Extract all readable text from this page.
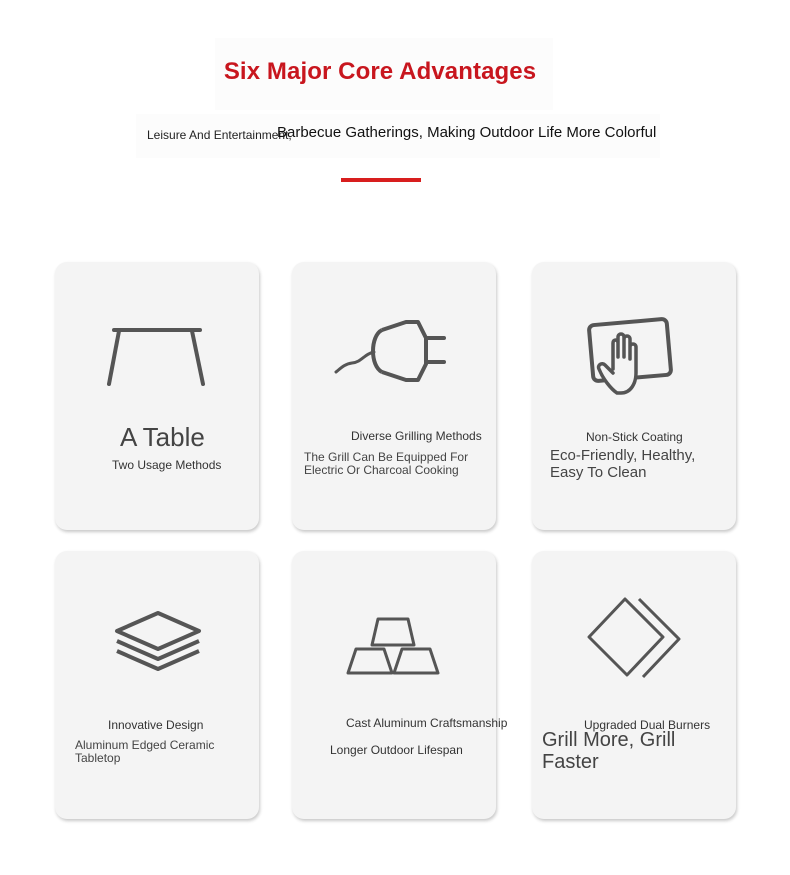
Six Major Core Advantages
Leisure And Entertainment,
Barbecue Gatherings, Making Outdoor Life More Colorful
A Table
Two Usage Methods
Diverse Grilling Methods
The Grill Can Be Equipped For Electric Or Charcoal Cooking
Non-Stick Coating
Eco-Friendly, Healthy, Easy To Clean
Innovative Design
Aluminum Edged Ceramic Tabletop
Cast Aluminum Craftsmanship
Longer Outdoor Lifespan
Upgraded Dual Burners
Grill More, Grill Faster
